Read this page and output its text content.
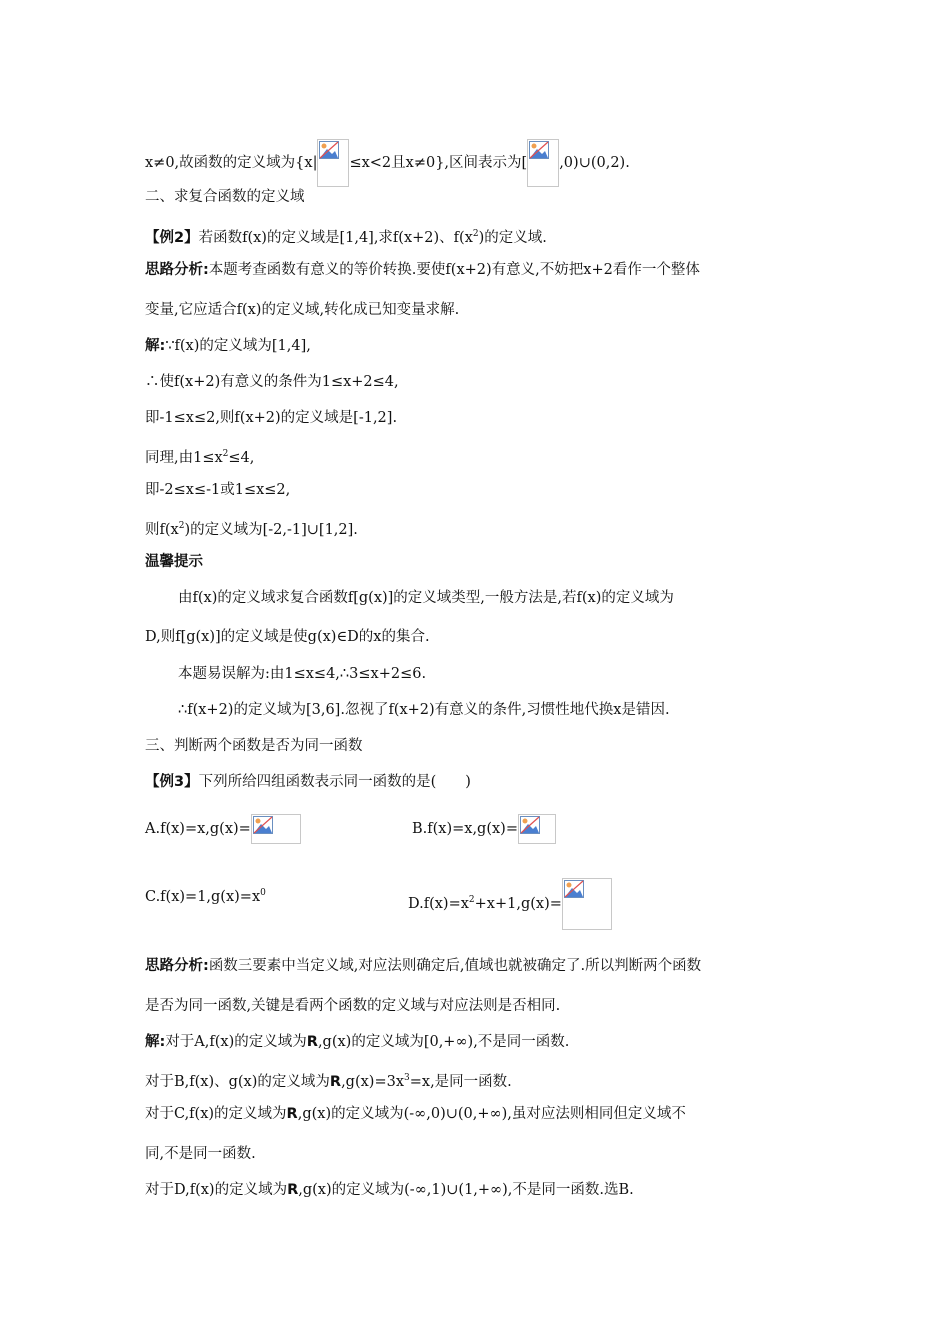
x≠0,故函数的定义域为{x| ≤x<2且x≠0},区间表示为[ ,0)∪(0,2).
二、求复合函数的定义域
【例2】若函数f(x)的定义域是[1,4],求f(x+2)、$f(x^2)$的定义域.
思路分析:本题考查函数有意义的等价转换.要使f(x+2)有意义,不妨把x+2看作一个整体
变量,它应适合f(x)的定义域,转化成已知变量求解.
解:∵f(x)的定义域为[1,4],
∴使f(x+2)有意义的条件为1≤x+2≤4,
即-1≤x≤2,则f(x+2)的定义域是[-1,2].
同理,由$1\le x^2\le 4$,
即-2≤x≤-1或1≤x≤2,
则$f(x^2)$的定义域为[-2,-1]∪[1,2].
温馨提示
由f(x)的定义域求复合函数f[g(x)]的定义域类型,一般方法是,若f(x)的定义域为
D,则f[g(x)]的定义域是使g(x)∈D的x的集合.
本题易误解为:由1≤x≤4,∴3≤x+2≤6.
∴f(x+2)的定义域为[3,6].忽视了f(x+2)有意义的条件,习惯性地代换x是错因.
三、判断两个函数是否为同一函数
【例3】下列所给四组函数表示同一函数的是(　　)
A.f(x)=x,g(x)=	B.f(x)=x,g(x)=
$C.f(x)=1,g(x)=x^0$
$D.f(x)=x^2+x+1,g(x)=$
思路分析:函数三要素中当定义域,对应法则确定后,值域也就被确定了.所以判断两个函数
是否为同一函数,关键是看两个函数的定义域与对应法则是否相同.
解:对于A,f(x)的定义域为R,g(x)的定义域为[0,+∞),不是同一函数.
对于B,f(x)、g(x)的定义域为$R,g(x)=3x^3=x$,是同一函数.
对于C,f(x)的定义域为R,g(x)的定义域为(-∞,0)∪(0,+∞),虽对应法则相同但定义域不
同,不是同一函数.
对于D,f(x)的定义域为R,g(x)的定义域为(-∞,1)∪(1,+∞),不是同一函数.选B.
